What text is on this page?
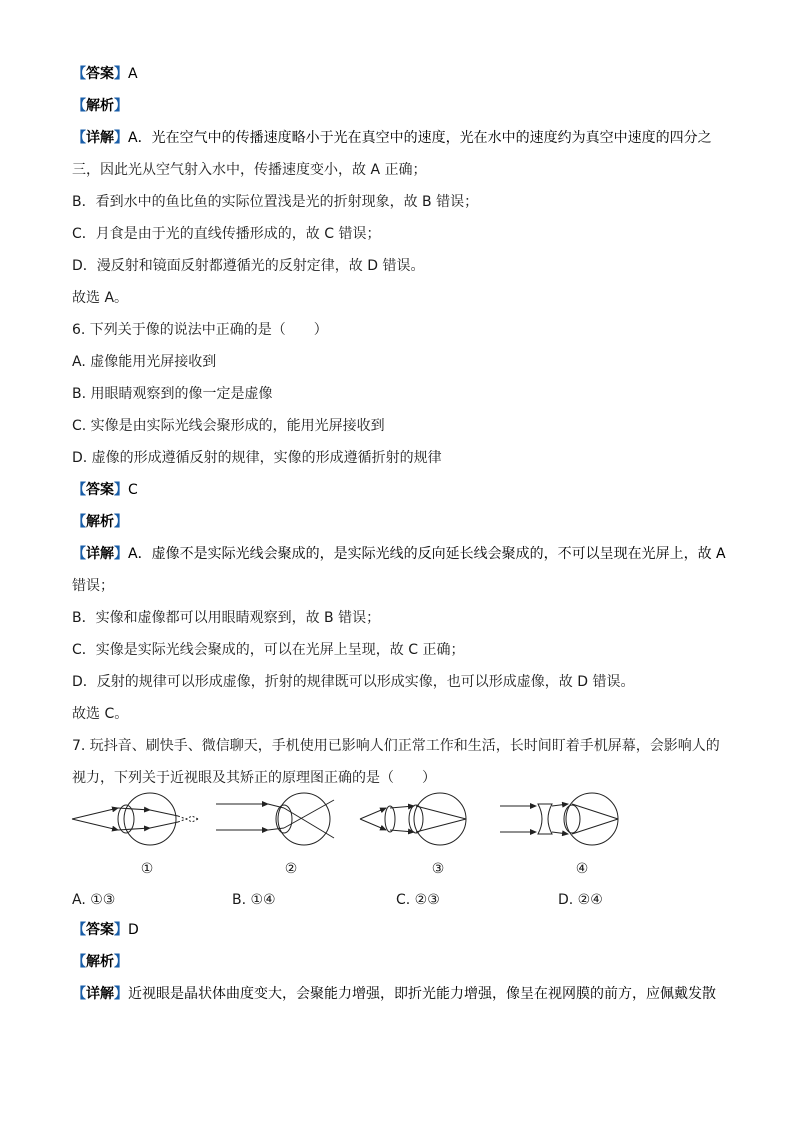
【答案】A
【解析】
【详解】A．光在空气中的传播速度略小于光在真空中的速度，光在水中的速度约为真空中速度的四分之
三，因此光从空气射入水中，传播速度变小，故 A 正确；
B．看到水中的鱼比鱼的实际位置浅是光的折射现象，故 B 错误；
C．月食是由于光的直线传播形成的，故 C 错误；
D．漫反射和镜面反射都遵循光的反射定律，故 D 错误。
故选 A。
6. 下列关于像的说法中正确的是（　　）
A. 虚像能用光屏接收到
B. 用眼睛观察到的像一定是虚像
C. 实像是由实际光线会聚形成的，能用光屏接收到
D. 虚像的形成遵循反射的规律，实像的形成遵循折射的规律
【答案】C
【解析】
【详解】A．虚像不是实际光线会聚成的，是实际光线的反向延长线会聚成的，不可以呈现在光屏上，故 A
错误；
B．实像和虚像都可以用眼睛观察到，故 B 错误；
C．实像是实际光线会聚成的，可以在光屏上呈现，故 C 正确；
D．反射的规律可以形成虚像，折射的规律既可以形成实像，也可以形成虚像，故 D 错误。
故选 C。
7. 玩抖音、刷快手、微信聊天，手机使用已影响人们正常工作和生活，长时间盯着手机屏幕，会影响人的
视力，下列关于近视眼及其矫正的原理图正确的是（　　）
①	②	③	④
A. ①③	B. ①④	C. ②③	D. ②④
【答案】D
【解析】
【详解】近视眼是晶状体曲度变大，会聚能力增强，即折光能力增强，像呈在视网膜的前方，应佩戴发散
